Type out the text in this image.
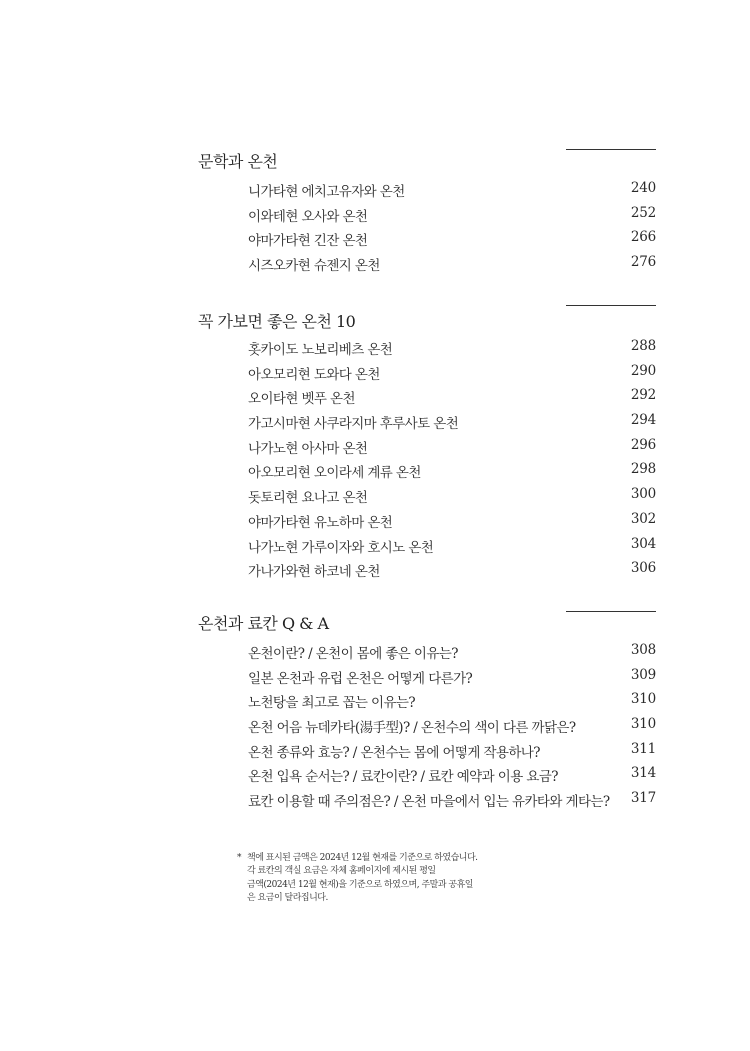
문학과 온천
니가타현 에치고유자와 온천	240
이와테현 오사와 온천	252
야마가타현 긴잔 온천	266
시즈오카현 슈젠지 온천	276
꼭 가보면 좋은 온천 10
홋카이도 노보리베츠 온천	288
아오모리현 도와다 온천	290
오이타현 벳푸 온천	292
가고시마현 사쿠라지마 후루사토 온천	294
나가노현 아사마 온천	296
아오모리현 오이라세 계류 온천	298
돗토리현 요나고 온천	300
야마가타현 유노하마 온천	302
나가노현 가루이자와 호시노 온천	304
가나가와현 하코네 온천	306
온천과 료칸 Q & A
온천이란? / 온천이 몸에 좋은 이유는?	308
일본 온천과 유럽 온천은 어떻게 다른가?	309
노천탕을 최고로 꼽는 이유는?	310
온천 어음 뉴데카타(湯手型)? / 온천수의 색이 다른 까닭은?	310
온천 종류와 효능? / 온천수는 몸에 어떻게 작용하나?	311
온천 입욕 순서는? / 료칸이란? / 료칸 예약과 이용 요금?	314
료칸 이용할 때 주의점은? / 온천 마을에서 입는 유카타와 게타는? 317
* 책에 표시된 금액은 2024년 12월 현재를 기준으로 하였습니다.
각 료칸의 객실 요금은 자체 홈페이지에 제시된 평일
금액(2024년 12월 현재)을 기준으로 하였으며, 주말과 공휴일
은 요금이 달라집니다.
